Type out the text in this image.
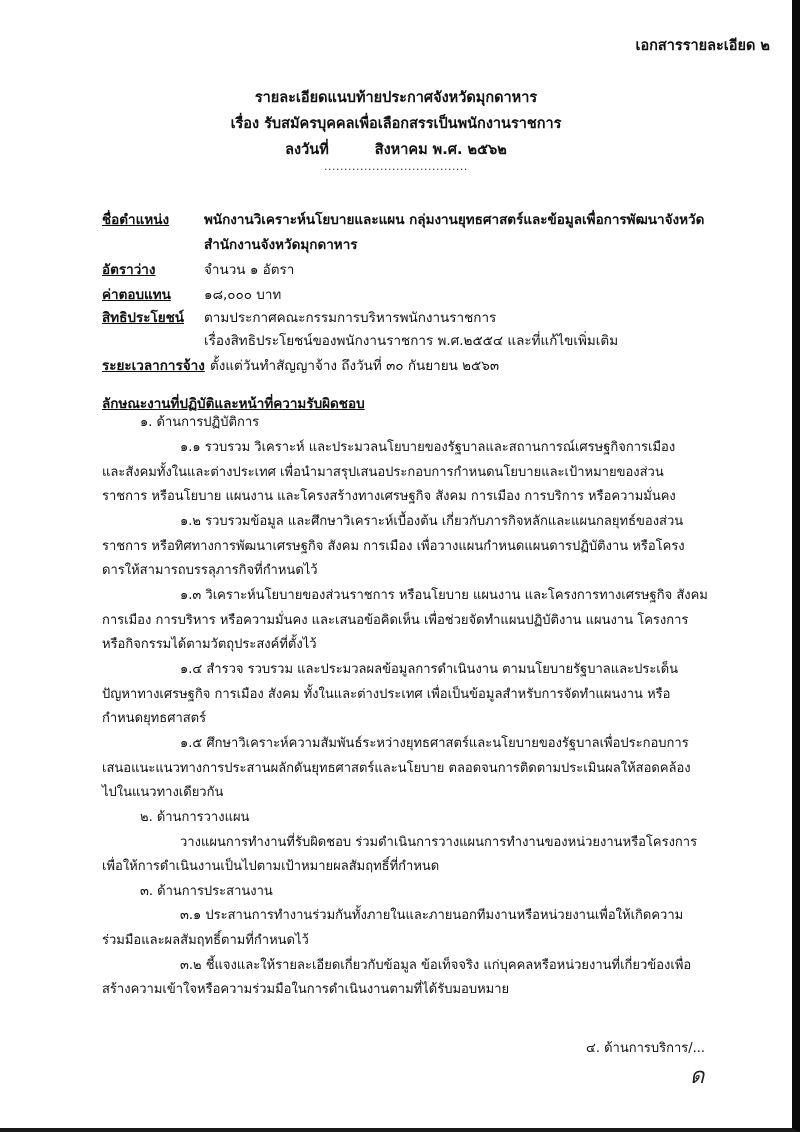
เอกสารรายละเอียด ๒
รายละเอียดแนบท้ายประกาศจังหวัดมุกดาหาร
เรื่อง รับสมัครบุคคลเพื่อเลือกสรรเป็นพนักงานราชการ
ลงวันที่	สิงหาคม พ.ศ. ๒๕๖๒
....................................
ชื่อตำแหน่ง	พนักงานวิเคราะห์นโยบายและแผน กลุ่มงานยุทธศาสตร์และข้อมูลเพื่อการพัฒนาจังหวัด
สำนักงานจังหวัดมุกดาหาร
อัตราว่าง	จำนวน ๑ อัตรา
ค่าตอบแทน ๑๘,๐๐๐ บาท
สิทธิประโยชน์ ตามประกาศคณะกรรมการบริหารพนักงานราชการ
เรื่องสิทธิประโยชน์ของพนักงานราชการ พ.ศ.๒๕๕๔ และที่แก้ไขเพิ่มเติม
ระยะเวลาการจ้าง ตั้งแต่วันทำสัญญาจ้าง ถึงวันที่ ๓๐ กันยายน ๒๕๖๓
ลักษณะงานที่ปฏิบัติและหน้าที่ความรับผิดชอบ
๑. ด้านการปฏิบัติการ
๑.๑ รวบรวม วิเคราะห์ และประมวลนโยบายของรัฐบาลและสถานการณ์เศรษฐกิจการเมือง
และสังคมทั้งในและต่างประเทศ เพื่อนำมาสรุปเสนอประกอบการกำหนดนโยบายและเป้าหมายของส่วน
ราชการ หรือนโยบาย แผนงาน และโครงสร้างทางเศรษฐกิจ สังคม การเมือง การบริการ หรือความมั่นคง
๑.๒ รวบรวมข้อมูล และศึกษาวิเคราะห์เบื้องต้น เกี่ยวกับภารกิจหลักและแผนกลยุทธ์ของส่วน
ราชการ หรือทิศทางการพัฒนาเศรษฐกิจ สังคม การเมือง เพื่อวางแผนกำหนดแผนดารปฏิบัติงาน หรือโครง
ดารให้สามารถบรรลุภารกิจที่กำหนดไว้
๑.๓ วิเคราะห์นโยบายของส่วนราชการ หรือนโยบาย แผนงาน และโครงการทางเศรษฐกิจ สังคม
การเมือง การบริหาร หรือความมั่นคง และเสนอข้อคิดเห็น เพื่อช่วยจัดทำแผนปฏิบัติงาน แผนงาน โครงการ
หรือกิจกรรมได้ตามวัตถุประสงค์ที่ตั้งไว้
๑.๔ สำรวจ รวบรวม และประมวลผลข้อมูลการดำเนินงาน ตามนโยบายรัฐบาลและประเด็น
ปัญหาทางเศรษฐกิจ การเมือง สังคม ทั้งในและต่างประเทศ เพื่อเป็นข้อมูลสำหรับการจัดทำแผนงาน หรือ
กำหนดยุทธศาสตร์
๑.๕ ศึกษาวิเคราะห์ความสัมพันธ์ระหว่างยุทธศาสตร์และนโยบายของรัฐบาลเพื่อประกอบการ
เสนอแนะแนวทางการประสานผลักดันยุทธศาสตร์และนโยบาย ตลอดจนการติดตามประเมินผลให้สอดคล้อง
ไปในแนวทางเดียวกัน
๒. ด้านการวางแผน
วางแผนการทำงานที่รับผิดชอบ ร่วมดำเนินการวางแผนการทำงานของหน่วยงานหรือโครงการ
เพื่อให้การดำเนินงานเป็นไปตามเป้าหมายผลสัมฤทธิ์ที่กำหนด
๓. ด้านการประสานงาน
๓.๑ ประสานการทำงานร่วมกันทั้งภายในและภายนอกทีมงานหรือหน่วยงานเพื่อให้เกิดความ
ร่วมมือและผลสัมฤทธิ์ตามที่กำหนดไว้
๓.๒ ชี้แจงและให้รายละเอียดเกี่ยวกับข้อมูล ข้อเท็จจริง แก่บุคคลหรือหน่วยงานที่เกี่ยวข้องเพื่อ
สร้างความเข้าใจหรือความร่วมมือในการดำเนินงานตามที่ได้รับมอบหมาย
๔. ด้านการบริการ/...
ด
